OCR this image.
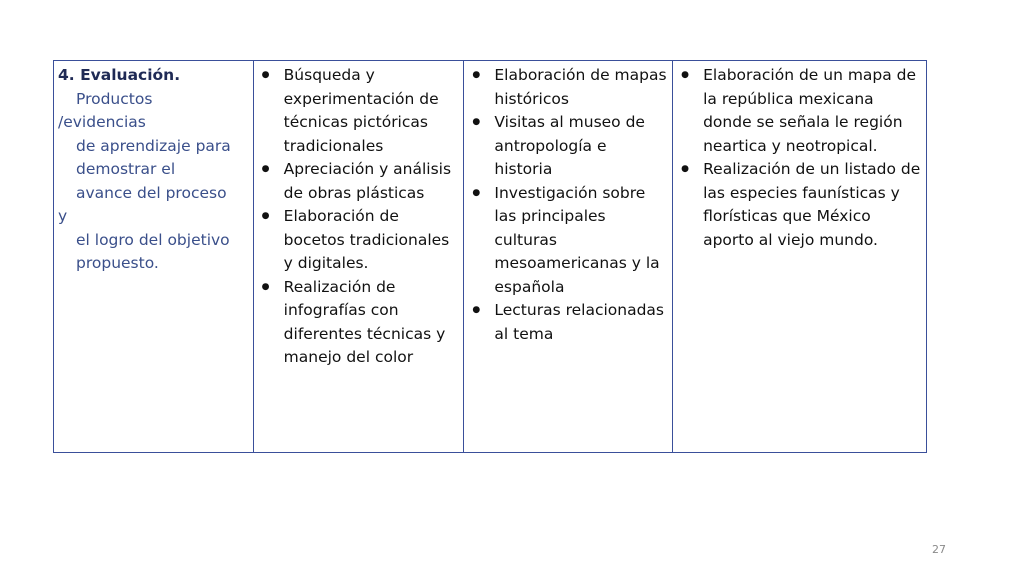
4. Evaluación.
Productos
/evidencias
de aprendizaje para
demostrar el
avance del proceso
y
el logro del objetivo
propuesto.

● Búsqueda y experimentación de técnicas pictóricas tradicionales
● Apreciación y análisis de obras plásticas
● Elaboración de bocetos tradicionales y digitales.
● Realización de infografías con diferentes técnicas y manejo del color

● Elaboración de mapas históricos
● Visitas al museo de antropología e historia
● Investigación sobre las principales culturas mesoamericanas y la española
● Lecturas relacionadas al tema

● Elaboración de un mapa de la república mexicana donde se señala le región neartica y neotropical.
● Realización de un listado de las especies faunísticas y florísticas que México aporto al viejo mundo.
27
